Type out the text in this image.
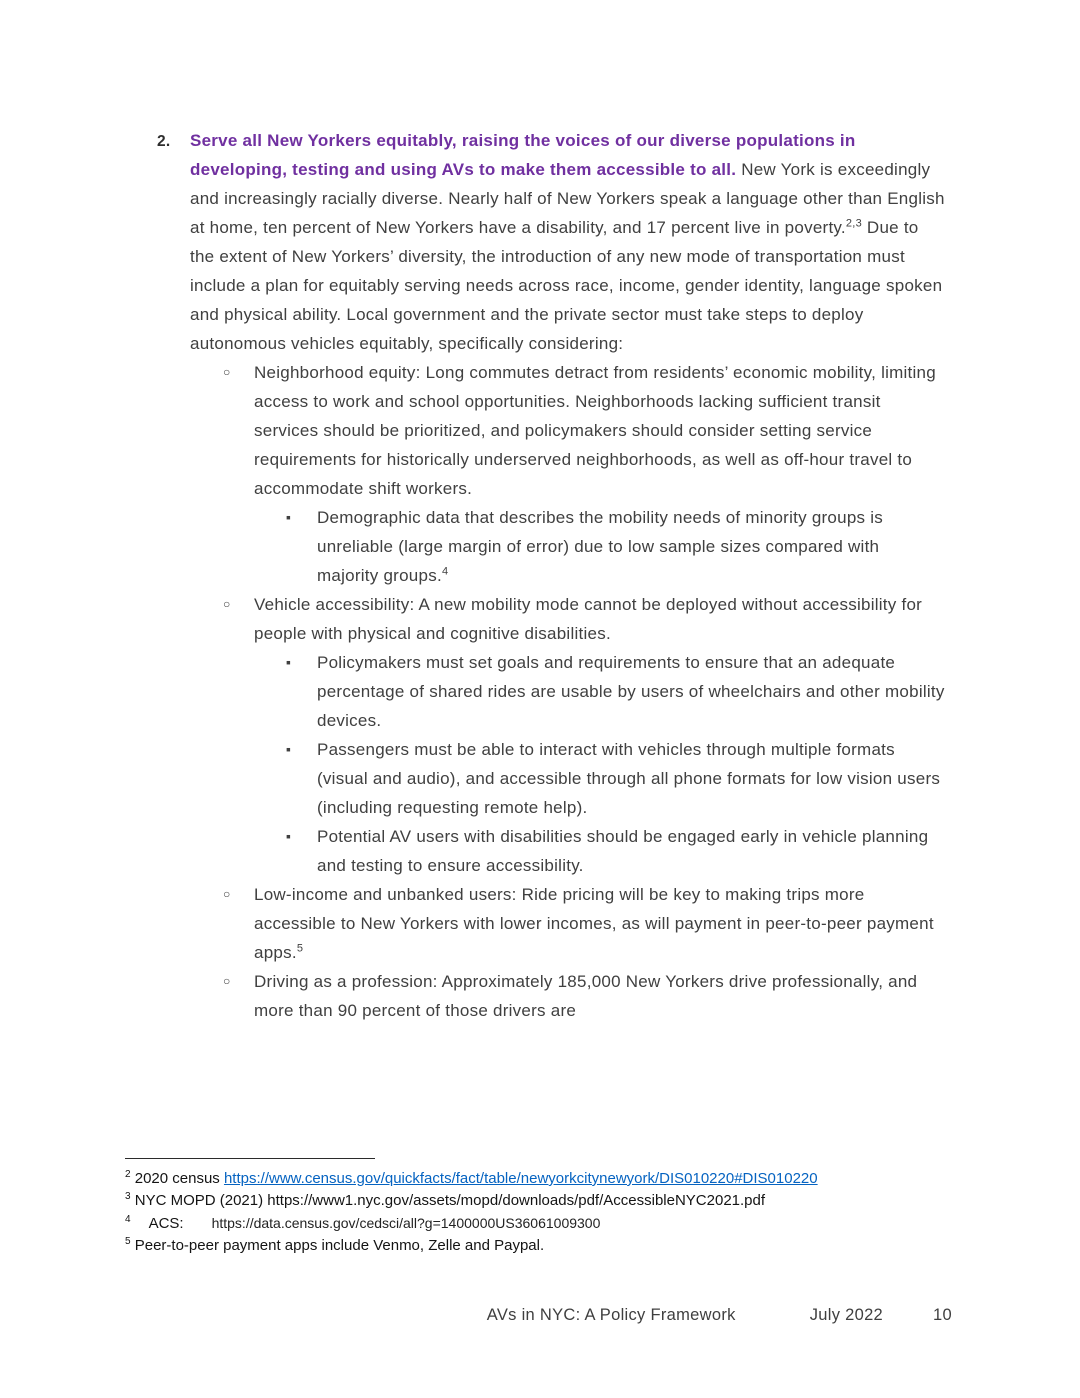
2.	Serve all New Yorkers equitably, raising the voices of our diverse populations in developing, testing and using AVs to make them accessible to all. New York is exceedingly and increasingly racially diverse. Nearly half of New Yorkers speak a language other than English at home, ten percent of New Yorkers have a disability, and 17 percent live in poverty.$^{2,3}$ Due to the extent of New Yorkers’ diversity, the introduction of any new mode of transportation must include a plan for equitably serving needs across race, income, gender identity, language spoken and physical ability. Local government and the private sector must take steps to deploy autonomous vehicles equitably, specifically considering:

○	Neighborhood equity: Long commutes detract from residents’ economic mobility, limiting access to work and school opportunities. Neighborhoods lacking sufficient transit services should be prioritized, and policymakers should consider setting service requirements for historically underserved neighborhoods, as well as off-hour travel to accommodate shift workers.

▪	Demographic data that describes the mobility needs of minority groups is unreliable (large margin of error) due to low sample sizes compared with majority groups.$^4$

○	Vehicle accessibility: A new mobility mode cannot be deployed without accessibility for people with physical and cognitive disabilities.

▪	Policymakers must set goals and requirements to ensure that an adequate percentage of shared rides are usable by users of wheelchairs and other mobility devices.

▪	Passengers must be able to interact with vehicles through multiple formats (visual and audio), and accessible through all phone formats for low vision users (including requesting remote help).

▪	Potential AV users with disabilities should be engaged early in vehicle planning and testing to ensure accessibility.

○	Low-income and unbanked users: Ride pricing will be key to making trips more accessible to New Yorkers with lower incomes, as will payment in peer-to-peer payment apps.$^5$

○	Driving as a profession: Approximately 185,000 New Yorkers drive professionally, and more than 90 percent of those drivers are

$^2$ 2020 census https://www.census.gov/quickfacts/fact/table/newyorkcitynewyork/DIS010220#DIS010220

$^3$ NYC MOPD (2021) https://www1.nyc.gov/assets/mopd/downloads/pdf/AccessibleNYC2021.pdf

$^4$ ACS: https://data.census.gov/cedsci/all?g=1400000US36061009300

$^5$ Peer-to-peer payment apps include Venmo, Zelle and Paypal.

AVs in NYC: A Policy Framework	July 2022	10
